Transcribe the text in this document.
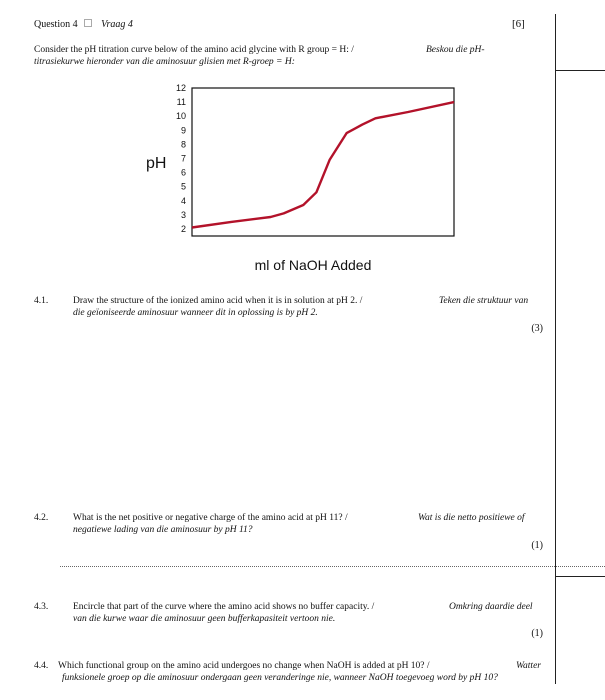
Question 4 Vraag 4	[6]
Consider the pH titration curve below of the amino acid glycine with R group = H: /	Beskou die pH-
titrasiekurwe hieronder van die aminosuur glisien met R-groep = H:
2
3
4
5
6
7
8
9
10
11
12
pH
ml of NaOH Added
4.1.	Draw the structure of the ionized amino acid when it is in solution at pH 2. /	Teken die struktuur van
die geïoniseerde aminosuur wanneer dit in oplossing is by pH 2.
(3)
4.2.	What is the net positive or negative charge of the amino acid at pH 11? /	Wat is die netto positiewe of
negatiewe lading van die aminosuur by pH 11?
(1)
4.3.	Encircle that part of the curve where the amino acid shows no buffer capacity. /	Omkring daardie deel
van die kurwe waar die aminosuur geen bufferkapasiteit vertoon nie.
(1)
4.4. Which functional group on the amino acid undergoes no change when NaOH is added at pH 10? /	Watter
funksionele groep op die aminosuur ondergaan geen veranderinge nie, wanneer NaOH toegevoeg word by pH 10?
